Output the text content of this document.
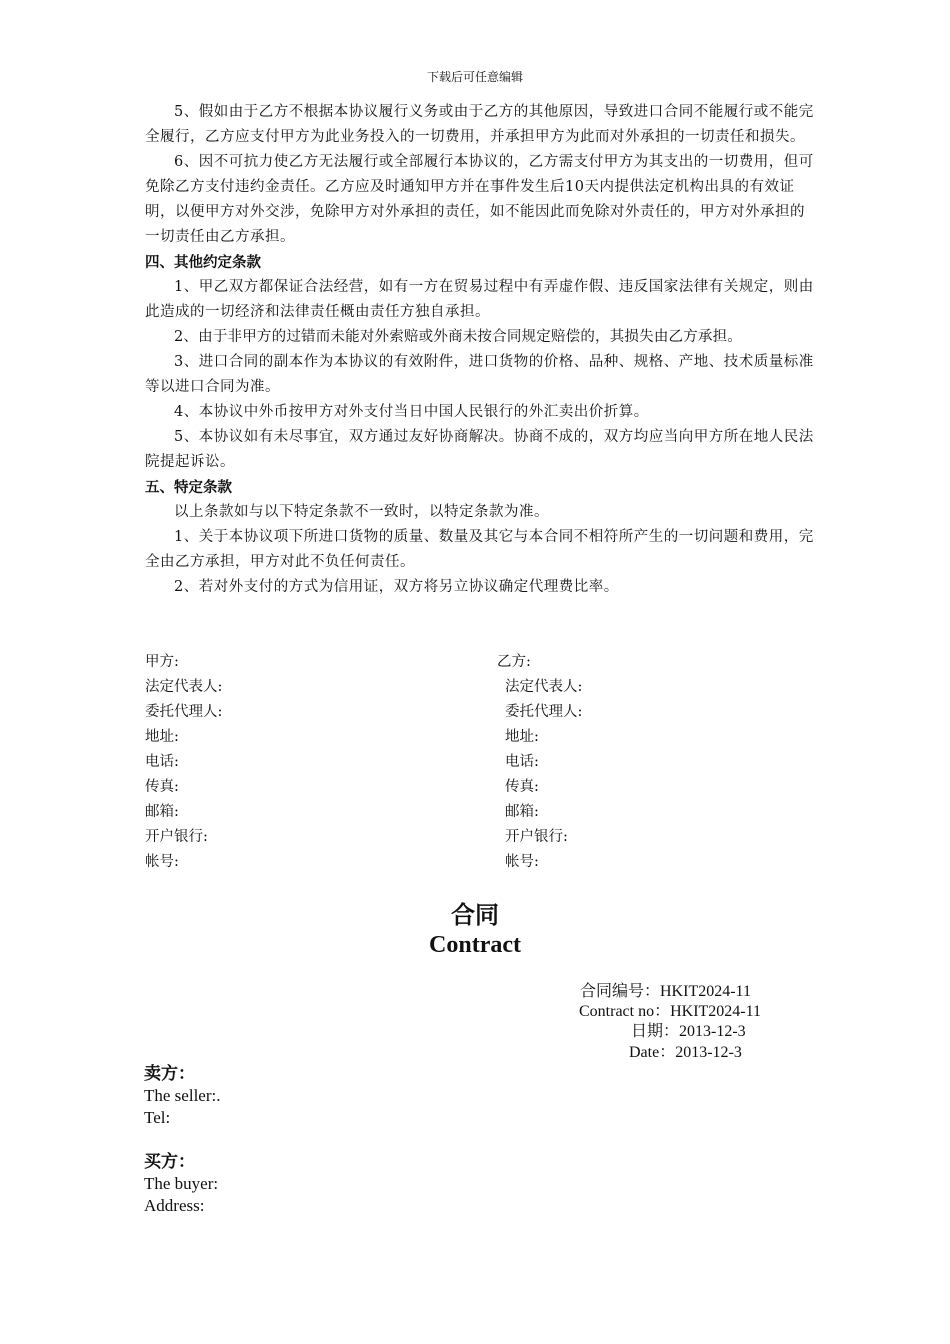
下载后可任意编辑

5、假如由于乙方不根据本协议履行义务或由于乙方的其他原因，导致进口合同不能履行或不能完全履行，乙方应支付甲方为此业务投入的一切费用，并承担甲方为此而对外承担的一切责任和损失。

6、因不可抗力使乙方无法履行或全部履行本协议的，乙方需支付甲方为其支出的一切费用，但可免除乙方支付违约金责任。乙方应及时通知甲方并在事件发生后10天内提供法定机构出具的有效证明，以便甲方对外交涉，免除甲方对外承担的责任，如不能因此而免除对外责任的，甲方对外承担的一切责任由乙方承担。

四、其他约定条款

1、甲乙双方都保证合法经营，如有一方在贸易过程中有弄虚作假、违反国家法律有关规定，则由此造成的一切经济和法律责任概由责任方独自承担。

2、由于非甲方的过错而未能对外索赔或外商未按合同规定赔偿的，其损失由乙方承担。

3、进口合同的副本作为本协议的有效附件，进口货物的价格、品种、规格、产地、技术质量标准等以进口合同为准。

4、本协议中外币按甲方对外支付当日中国人民银行的外汇卖出价折算。

5、本协议如有未尽事宜，双方通过友好协商解决。协商不成的，双方均应当向甲方所在地人民法院提起诉讼。

五、特定条款

以上条款如与以下特定条款不一致时，以特定条款为准。

1、关于本协议项下所进口货物的质量、数量及其它与本合同不相符所产生的一切问题和费用，完全由乙方承担，甲方对此不负任何责任。

2、若对外支付的方式为信用证，双方将另立协议确定代理费比率。

甲方:	乙方:
法定代表人:	法定代表人:
委托代理人:	委托代理人:
地址:	地址:
电话:	电话:
传真:	传真:
邮箱:	邮箱:
开户银行:	开户银行:
帐号:	帐号:
合同
Contract
合同编号：HKIT2024-11
Contract no：HKIT2024-11
日期：2013-12-3
Date：2013-12-3
卖方：
The seller:.
Tel:
买方：
The buyer:
Address:
